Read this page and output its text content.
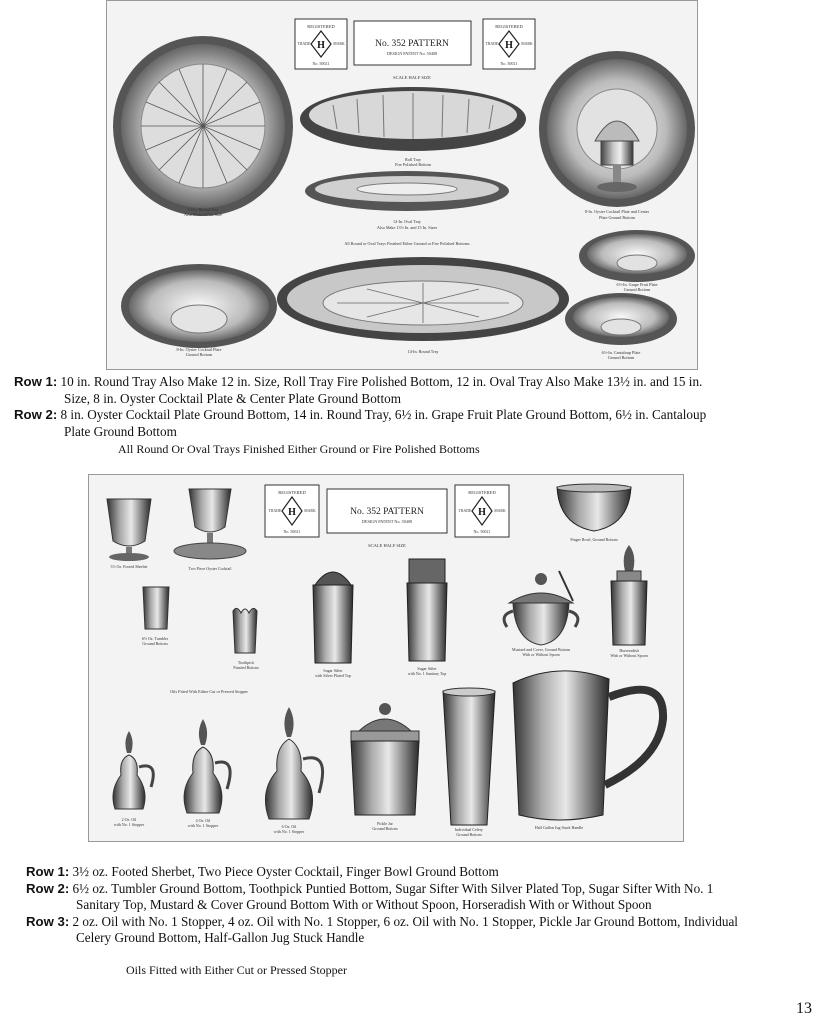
REGISTERED
H
TRADE	MARK
No. 50021
No. 352 PATTERN
DESIGN PATENT No. 50408
REGISTERED
H
TRADE	MARK
No. 50021
SCALE HALF SIZE
10-In. Round Tray
Also Make 12-In. Size
Roll Tray
Fire Polished Bottom
12-In. Oval Tray
Also Make 13½ In. and 15 In. Sizes
8-In. Oyster Cocktail Plate and Center
Plate Ground Bottom
All Round or Oval Trays Finished Either Ground or Fire Polished Bottoms
8-In. Oyster Cocktail Plate
Ground Bottom
14-In. Round Tray
6½-In. Grape Fruit Plate
Ground Bottom
6½-In. Cantaloup Plate
Ground Bottom
Row 1: 10 in. Round Tray Also Make 12 in. Size, Roll Tray Fire Polished Bottom, 12 in. Oval Tray Also Make 13½ in. and 15 in.
Size, 8 in. Oyster Cocktail Plate & Center Plate Ground Bottom
Row 2: 8 in. Oyster Cocktail Plate Ground Bottom, 14 in. Round Tray, 6½ in. Grape Fruit Plate Ground Bottom, 6½ in. Cantaloup
Plate Ground Bottom
All Round Or Oval Trays Finished Either Ground or Fire Polished Bottoms
REGISTERED
H
TRADE	MARK
No. 50021
No. 352 PATTERN
DESIGN PATENT No. 50408
REGISTERED
H
TRADE	MARK
No. 50021
SCALE HALF SIZE
3½ Oz. Footed Sherbet	Two Piece Oyster Cocktail
Finger Bowl, Ground Bottom
6½ Oz. Tumbler
Ground Bottom
Toothpick
Puntied Bottom
Sugar Sifter
with Silver Plated Top
Sugar Sifter
with No. 1 Sanitary Top
Mustard and Cover, Ground Bottom
With or Without Spoon
Horseradish
With or Without Spoon
Oils Fitted With Either Cut or Pressed Stopper
2 Oz. Oil
with No. 1 Stopper
4 Oz. Oil
with No. 1 Stopper	6 Oz. Oil
with No. 1 Stopper
Pickle Jar
Ground Bottom	Individual Celery
Ground Bottom
Half Gallon Jug Stuck Handle
Row 1: 3½ oz. Footed Sherbet, Two Piece Oyster Cocktail, Finger Bowl Ground Bottom
Row 2: 6½ oz. Tumbler Ground Bottom, Toothpick Puntied Bottom, Sugar Sifter With Silver Plated Top, Sugar Sifter With No. 1
Sanitary Top, Mustard & Cover Ground Bottom With or Without Spoon, Horseradish With or Without Spoon
Row 3: 2 oz. Oil with No. 1 Stopper, 4 oz. Oil with No. 1 Stopper, 6 oz. Oil with No. 1 Stopper, Pickle Jar Ground Bottom, Individual
Celery Ground Bottom, Half-Gallon Jug Stuck Handle
Oils Fitted with Either Cut or Pressed Stopper
13
